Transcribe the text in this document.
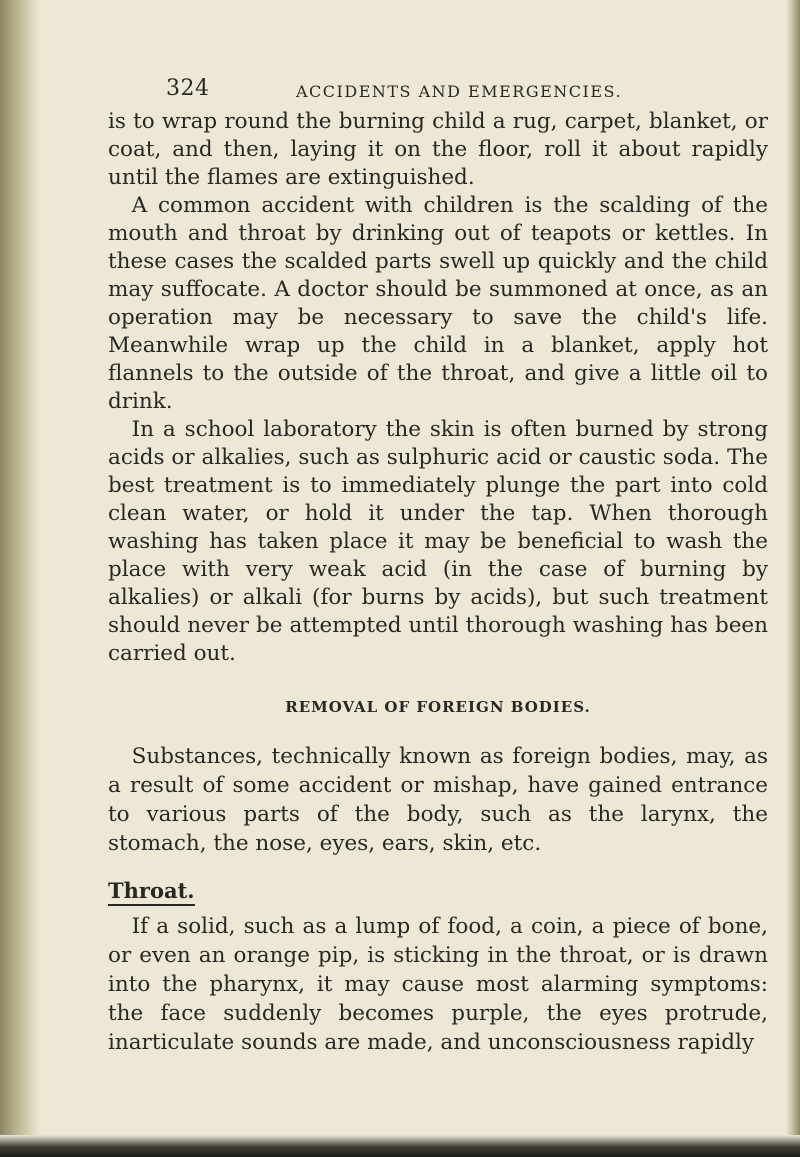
324	ACCIDENTS AND EMERGENCIES.

is to wrap round the burning child a rug, carpet, blanket, or coat, and then, laying it on the floor, roll it about rapidly until the flames are extinguished.

A common accident with children is the scalding of the mouth and throat by drinking out of teapots or kettles. In these cases the scalded parts swell up quickly and the child may suffocate. A doctor should be summoned at once, as an operation may be necessary to save the child's life. Meanwhile wrap up the child in a blanket, apply hot flannels to the outside of the throat, and give a little oil to drink.

In a school laboratory the skin is often burned by strong acids or alkalies, such as sulphuric acid or caustic soda. The best treatment is to immediately plunge the part into cold clean water, or hold it under the tap. When thorough washing has taken place it may be beneficial to wash the place with very weak acid (in the case of burning by alkalies) or alkali (for burns by acids), but such treatment should never be attempted until thorough washing has been carried out.

REMOVAL OF FOREIGN BODIES.

Substances, technically known as foreign bodies, may, as a result of some accident or mishap, have gained entrance to various parts of the body, such as the larynx, the stomach, the nose, eyes, ears, skin, etc.

Throat.

If a solid, such as a lump of food, a coin, a piece of bone, or even an orange pip, is sticking in the throat, or is drawn into the pharynx, it may cause most alarming symptoms: the face suddenly becomes purple, the eyes protrude, inarticulate sounds are made, and unconsciousness rapidly
